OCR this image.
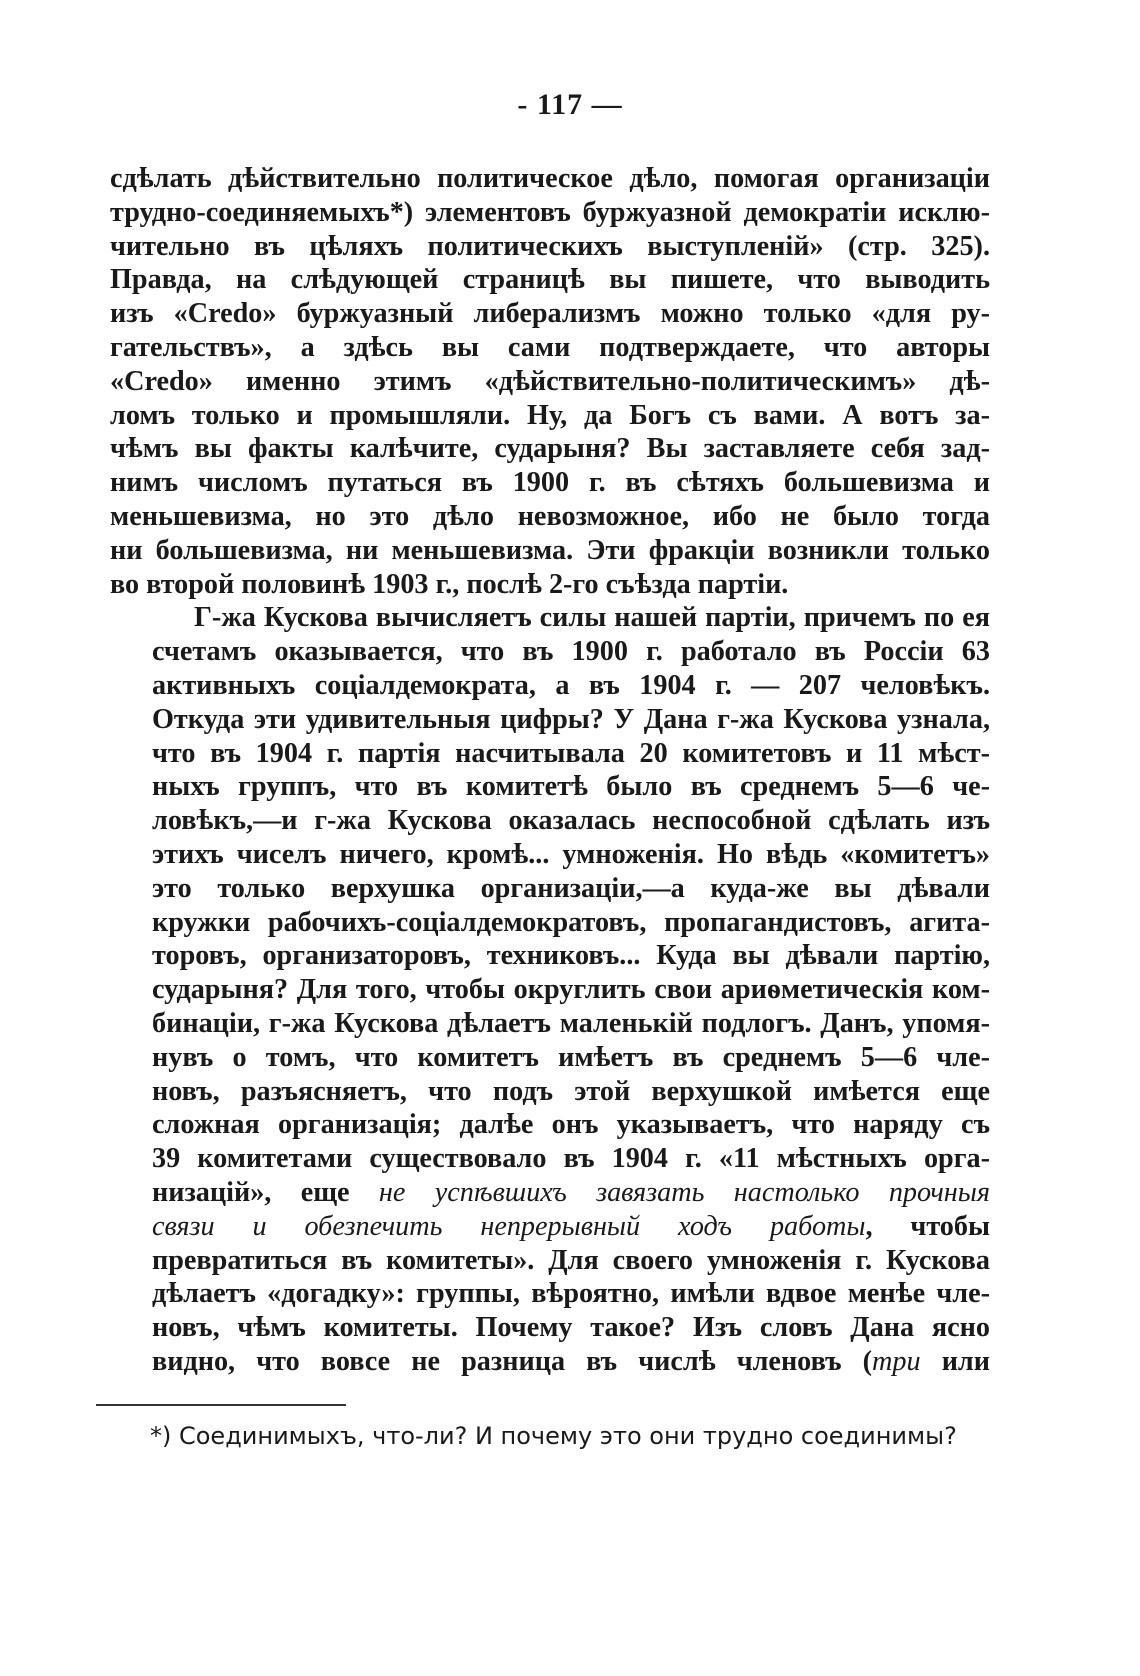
- 117 —

сдѣлать дѣйствительно политическое дѣло, помогая организаціи
трудно-соединяемыхъ*) элементовъ буржуазной демократіи исклю-
чительно въ цѣляхъ политическихъ выступленій» (стр. 325).
Правда, на слѣдующей страницѣ вы пишете, что выводить
изъ «Credo» буржуазный либерализмъ можно только «для ру-
гательствъ», а здѣсь вы сами подтверждаете, что авторы
«Credo» именно этимъ «дѣйствительно-политическимъ» дѣ-
ломъ только и промышляли. Ну, да Богъ съ вами. А вотъ за-
чѣмъ вы факты калѣчите, сударыня? Вы заставляете себя зад-
нимъ числомъ путаться въ 1900 г. въ сѣтяхъ большевизма и
меньшевизма, но это дѣло невозможное, ибо не было тогда
ни большевизма, ни меньшевизма. Эти фракціи возникли только
во второй половинѣ 1903 г., послѣ 2-го съѣзда партіи.

Г-жа Кускова вычисляетъ силы нашей партіи, причемъ по ея
счетамъ оказывается, что въ 1900 г. работало въ Россіи 63
активныхъ соціалдемократа, а въ 1904 г. — 207 человѣкъ.
Откуда эти удивительныя цифры? У Дана г-жа Кускова узнала,
что въ 1904 г. партія насчитывала 20 комитетовъ и 11 мѣст-
ныхъ группъ, что въ комитетѣ было въ среднемъ 5—6 че-
ловѣкъ,—и г-жа Кускова оказалась неспособной сдѣлать изъ
этихъ чиселъ ничего, кромѣ... умноженія. Но вѣдь «комитетъ»
это только верхушка организаціи,—а куда-же вы дѣвали
кружки рабочихъ-соціалдемократовъ, пропагандистовъ, агита-
торовъ, организаторовъ, техниковъ... Куда вы дѣвали партію,
сударыня? Для того, чтобы округлить свои ариѳметическія ком-
бинаціи, г-жа Кускова дѣлаетъ маленькій подлогъ. Данъ, упомя-
нувъ о томъ, что комитетъ имѣетъ въ среднемъ 5—6 чле-
новъ, разъясняетъ, что подъ этой верхушкой имѣется еще
сложная организація; далѣе онъ указываетъ, что наряду съ
39 комитетами существовало въ 1904 г. «11 мѣстныхъ орга-
низацій», еще не успѣвшихъ завязать настолько прочныя
связи и обезпечить непрерывный ходъ работы, чтобы
превратиться въ комитеты». Для своего умноженія г. Кускова
дѣлаетъ «догадку»: группы, вѣроятно, имѣли вдвое менѣе чле-
новъ, чѣмъ комитеты. Почему такое? Изъ словъ Дана ясно
видно, что вовсе не разница въ числѣ членовъ (три или

*) Соединимыхъ, что-ли? И почему это они трудно соединимы?
